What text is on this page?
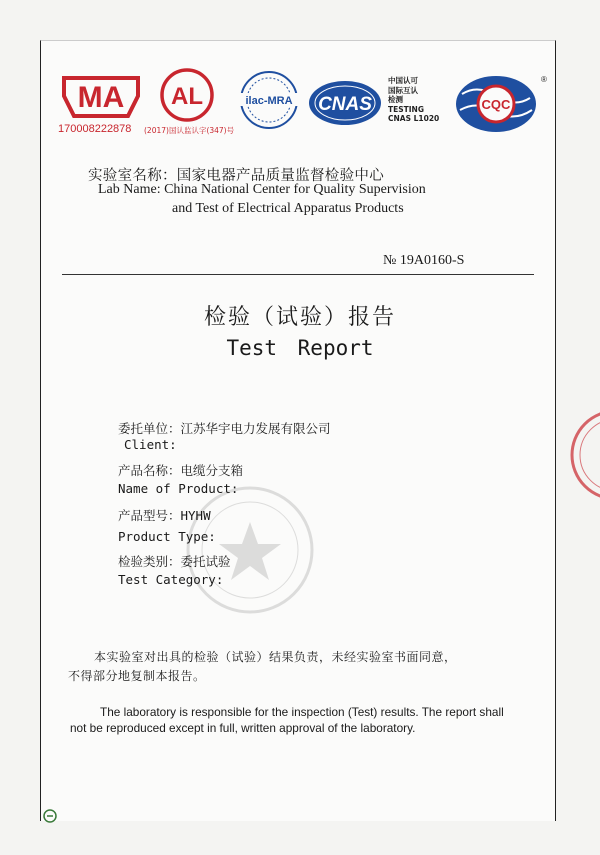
MA
170008222878
AL
(2017)国认监认字(347)号
ilac-MRA CNAS
中国认可
国际互认
检测
TESTING
CNAS L1020
CQC
®
实验室名称：国家电器产品质量监督检验中心
Lab Name: China National Center for Quality Supervision
and Test of Electrical Apparatus Products
№ 19A0160-S
检验（试验）报告
Test Report
委托单位：江苏华宇电力发展有限公司
Client:
产品名称：电缆分支箱
Name of Product:
产品型号：HYHW
Product Type:
检验类别：委托试验
Test Category:
本实验室对出具的检验（试验）结果负责，未经实验室书面同意，
不得部分地复制本报告。
The laboratory is responsible for the inspection (Test) results. The report shall
not be reproduced except in full, written approval of the laboratory.
